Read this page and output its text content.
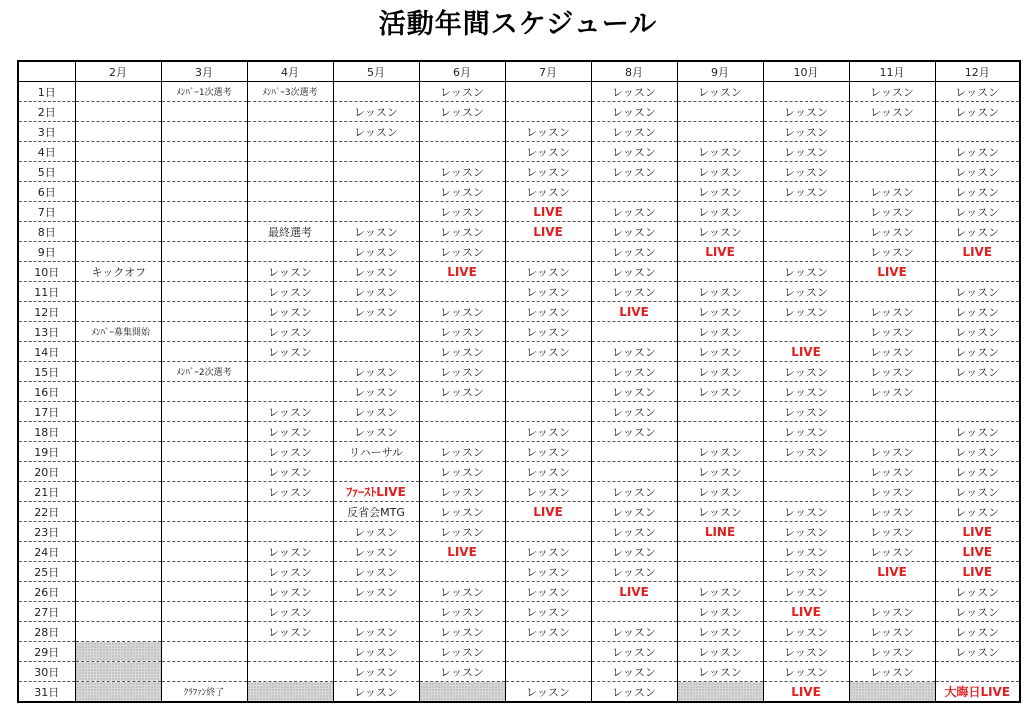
活動年間スケジュール
	2月	3月	4月	5月	6月	7月	8月	9月	10月	11月	12月
1日		ﾒﾝﾊﾞｰ1次選考	ﾒﾝﾊﾞｰ3次選考		レッスン		レッスン	レッスン		レッスン	レッスン
2日				レッスン	レッスン		レッスン		レッスン	レッスン	レッスン
3日				レッスン		レッスン	レッスン		レッスン		
4日						レッスン	レッスン	レッスン	レッスン		レッスン
5日					レッスン	レッスン	レッスン	レッスン	レッスン		レッスン
6日					レッスン	レッスン		レッスン	レッスン	レッスン	レッスン
7日					レッスン	LIVE	レッスン	レッスン		レッスン	レッスン
8日			最終選考	レッスン	レッスン	LIVE	レッスン	レッスン		レッスン	レッスン
9日				レッスン	レッスン		レッスン	LIVE		レッスン	LIVE
10日	キックオフ		レッスン	レッスン	LIVE	レッスン	レッスン		レッスン	LIVE	
11日			レッスン	レッスン		レッスン	レッスン	レッスン	レッスン		レッスン
12日			レッスン	レッスン	レッスン	レッスン	LIVE	レッスン	レッスン	レッスン	レッスン
13日	ﾒﾝﾊﾞｰ募集開始		レッスン		レッスン	レッスン		レッスン		レッスン	レッスン
14日			レッスン		レッスン	レッスン	レッスン	レッスン	LIVE	レッスン	レッスン
15日		ﾒﾝﾊﾞｰ2次選考		レッスン	レッスン		レッスン	レッスン	レッスン	レッスン	レッスン
16日				レッスン	レッスン		レッスン	レッスン	レッスン	レッスン	
17日			レッスン	レッスン			レッスン		レッスン		
18日			レッスン	レッスン		レッスン	レッスン		レッスン		レッスン
19日			レッスン	リハーサル	レッスン	レッスン		レッスン	レッスン	レッスン	レッスン
20日			レッスン		レッスン	レッスン		レッスン		レッスン	レッスン
21日			レッスン	ﾌｧｰｽﾄLIVE	レッスン	レッスン	レッスン	レッスン		レッスン	レッスン
22日				反省会MTG	レッスン	LIVE	レッスン	レッスン	レッスン	レッスン	レッスン
23日				レッスン	レッスン		レッスン	LINE	レッスン	レッスン	LIVE
24日			レッスン	レッスン	LIVE	レッスン	レッスン		レッスン	レッスン	LIVE
25日			レッスン	レッスン		レッスン	レッスン		レッスン	LIVE	LIVE
26日			レッスン	レッスン	レッスン	レッスン	LIVE	レッスン	レッスン		レッスン
27日			レッスン		レッスン	レッスン		レッスン	LIVE	レッスン	レッスン
28日			レッスン	レッスン	レッスン	レッスン	レッスン	レッスン	レッスン	レッスン	レッスン
29日				レッスン	レッスン		レッスン	レッスン	レッスン	レッスン	レッスン
30日				レッスン	レッスン		レッスン	レッスン	レッスン	レッスン	
31日		ｸﾗﾌｧﾝ終了		レッスン		レッスン	レッスン		LIVE		大晦日LIVE
